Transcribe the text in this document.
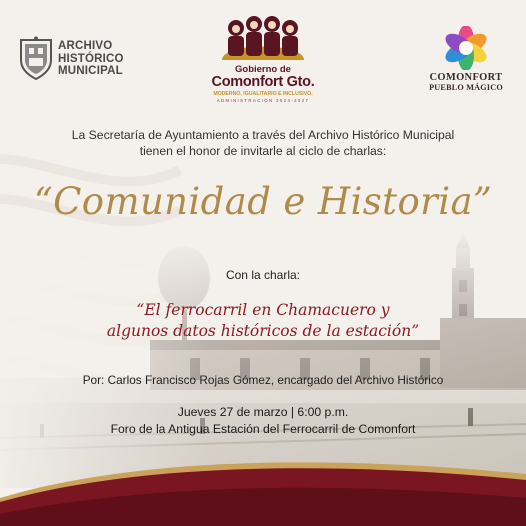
ARCHIVO
HISTÓRICO
MUNICIPAL	Gobierno de
Comonfort Gto.
MODERNO, IGUALITARIO E INCLUSIVO.
ADMINISTRACIÓN 2024-2027
COMONFORT
PUEBLO MÁGICO
La Secretaría de Ayuntamiento a través del Archivo Histórico Municipal
tienen el honor de invitarle al ciclo de charlas:
“Comunidad e Historia”
Con la charla:
“El ferrocarril en Chamacuero y
algunos datos históricos de la estación”
Por: Carlos Francisco Rojas Gómez, encargado del Archivo Histórico
Jueves 27 de marzo | 6:00 p.m.
Foro de la Antigua Estación del Ferrocarril de Comonfort
